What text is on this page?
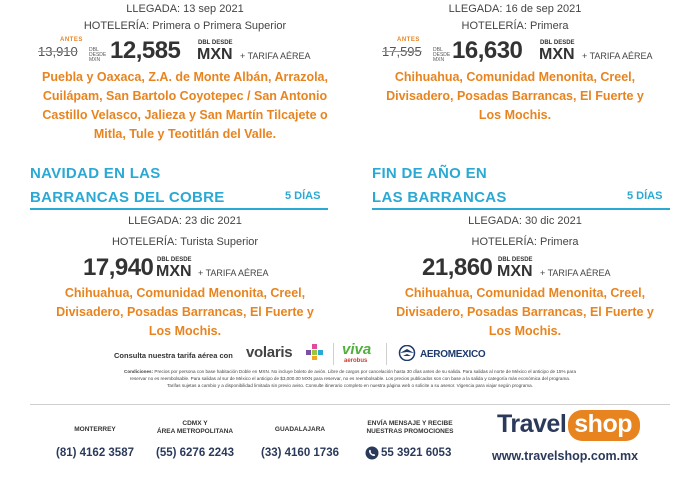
LLEGADA: 13 sep 2021
HOTELERÍA: Primera o Primera Superior
ANTES
13,910 DBL DESDE MXN 12,585	DBL DESDE
MXN + TARIFA AÉREA
Puebla y Oaxaca, Z.A. de Monte Albán, Arrazola,
Cuilápam, San Bartolo Coyotepec / San Antonio
Castillo Velasco, Jalieza y San Martín Tilcajete o
Mitla, Tule y Teotitlán del Valle.
LLEGADA: 16 de sep 2021
HOTELERÍA: Primera
ANTES
17,595 DBL DESDE MXN 16,630	DBL DESDE
MXN + TARIFA AÉREA
Chihuahua, Comunidad Menonita, Creel,
Divisadero, Posadas Barrancas, El Fuerte y
Los Mochis.
NAVIDAD EN LAS
BARRANCAS DEL COBRE	5 DÍAS
LLEGADA: 23 dic 2021
HOTELERÍA: Turista Superior
17,940 DBL DESDE
MXN + TARIFA AÉREA
Chihuahua, Comunidad Menonita, Creel,
Divisadero, Posadas Barrancas, El Fuerte y
Los Mochis.
FIN DE AÑO EN
LAS BARRANCAS	5 DÍAS
LLEGADA: 30 dic 2021
HOTELERÍA: Primera
21,860 DBL DESDE
MXN + TARIFA AÉREA
Chihuahua, Comunidad Menonita, Creel,
Divisadero, Posadas Barrancas, El Fuerte y
Los Mochis.
Consulta nuestra tarifa aérea con volaris	viva
aerobus
AEROMEXICO
Condiciones: Precios por persona con base habitación Doble en MXN. No incluye boleto de avión. Libre de cargos por cancelación hasta 30 días antes de su salida. Para salidas al norte de México el anticipo de 15% para
reservar no es reembolsable. Para salidas al sur de México el anticipo de $3,000.00 MXN para reservar, no es reembolsable. Los precios publicados son con base a la salida y categoría más económica del programa.
Tarifas sujetas a cambio y a disponibilidad limitada sin previo aviso. Consulte itinerario completo en nuestra página web o solicite a su asesor. Vigencia para viajar según programa.
MONTERREY
(81) 4162 3587
CDMX Y
ÁREA METROPOLITANA
(55) 6276 2243
GUADALAJARA
(33) 4160 1736
ENVÍA MENSAJE Y RECIBE
NUESTRAS PROMOCIONES
55 3921 6053
Travel shop
www.travelshop.com.mx
